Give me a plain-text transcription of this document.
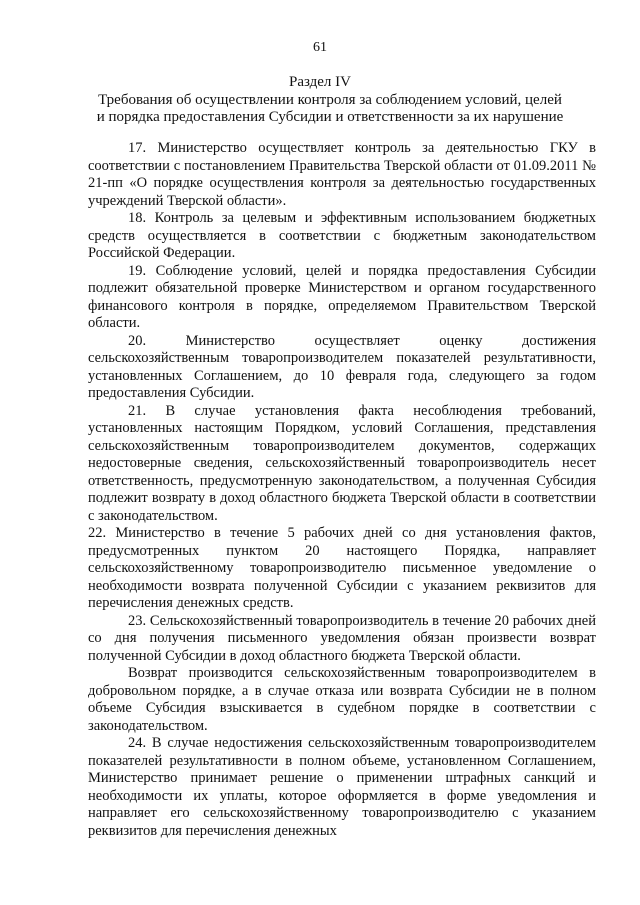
61
Раздел IV
Требования об осуществлении контроля за соблюдением условий, целей и порядка предоставления Субсидии и ответственности за их нарушение

17. Министерство осуществляет контроль за деятельностью ГКУ в соответствии с постановлением Правительства Тверской области от 01.09.2011 № 21-пп «О порядке осуществления контроля за деятельностью государственных учреждений Тверской области».

18. Контроль за целевым и эффективным использованием бюджетных средств осуществляется в соответствии с бюджетным законодательством Российской Федерации.

19. Соблюдение условий, целей и порядка предоставления Субсидии подлежит обязательной проверке Министерством и органом государственного финансового контроля в порядке, определяемом Правительством Тверской области.

20. Министерство осуществляет оценку достижения сельскохозяйственным товаропроизводителем показателей результативности, установленных Соглашением, до 10 февраля года, следующего за годом предоставления Субсидии.

21. В случае установления факта несоблюдения требований, установленных настоящим Порядком, условий Соглашения, представления сельскохозяйственным товаропроизводителем документов, содержащих недостоверные сведения, сельскохозяйственный товаропроизводитель несет ответственность, предусмотренную законодательством, а полученная Субсидия подлежит возврату в доход областного бюджета Тверской области в соответствии с законодательством.

22. Министерство в течение 5 рабочих дней со дня установления фактов, предусмотренных пунктом 20 настоящего Порядка, направляет сельскохозяйственному товаропроизводителю письменное уведомление о необходимости возврата полученной Субсидии с указанием реквизитов для перечисления денежных средств.

23. Сельскохозяйственный товаропроизводитель в течение 20 рабочих дней со дня получения письменного уведомления обязан произвести возврат полученной Субсидии в доход областного бюджета Тверской области.

Возврат производится сельскохозяйственным товаропроизводителем в добровольном порядке, а в случае отказа или возврата Субсидии не в полном объеме Субсидия взыскивается в судебном порядке в соответствии с законодательством.

24. В случае недостижения сельскохозяйственным товаропроизводителем показателей результативности в полном объеме, установленном Соглашением, Министерство принимает решение о применении штрафных санкций и необходимости их уплаты, которое оформляется в форме уведомления и направляет его сельскохозяйственному товаропроизводителю с указанием реквизитов для перечисления денежных
